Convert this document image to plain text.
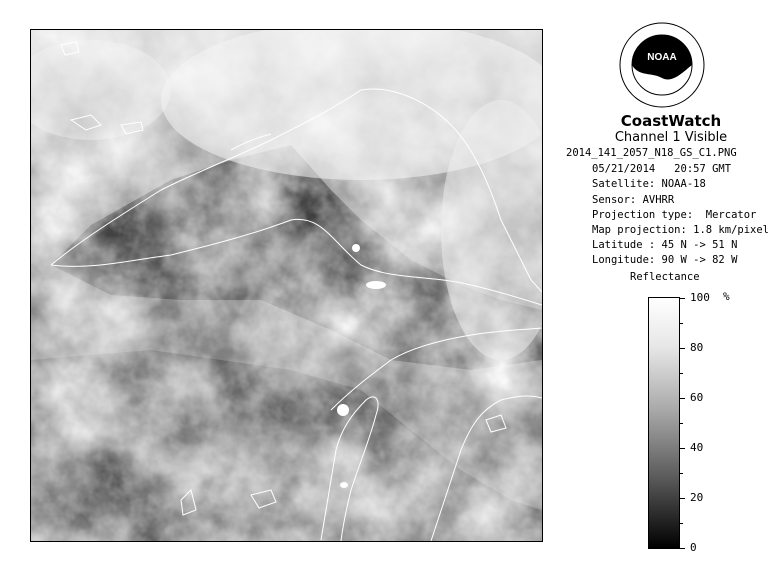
NOAA
CoastWatch
Channel 1 Visible
2014_141_2057_N18_GS_C1.PNG
05/21/2014   20:57 GMT
Satellite: NOAA-18
Sensor: AVHRR
Projection type:  Mercator
Map projection: 1.8 km/pixel
Latitude : 45 N -> 51 N
Longitude: 90 W -> 82 W
Reflectance
%
100
80
60
40
20
0
